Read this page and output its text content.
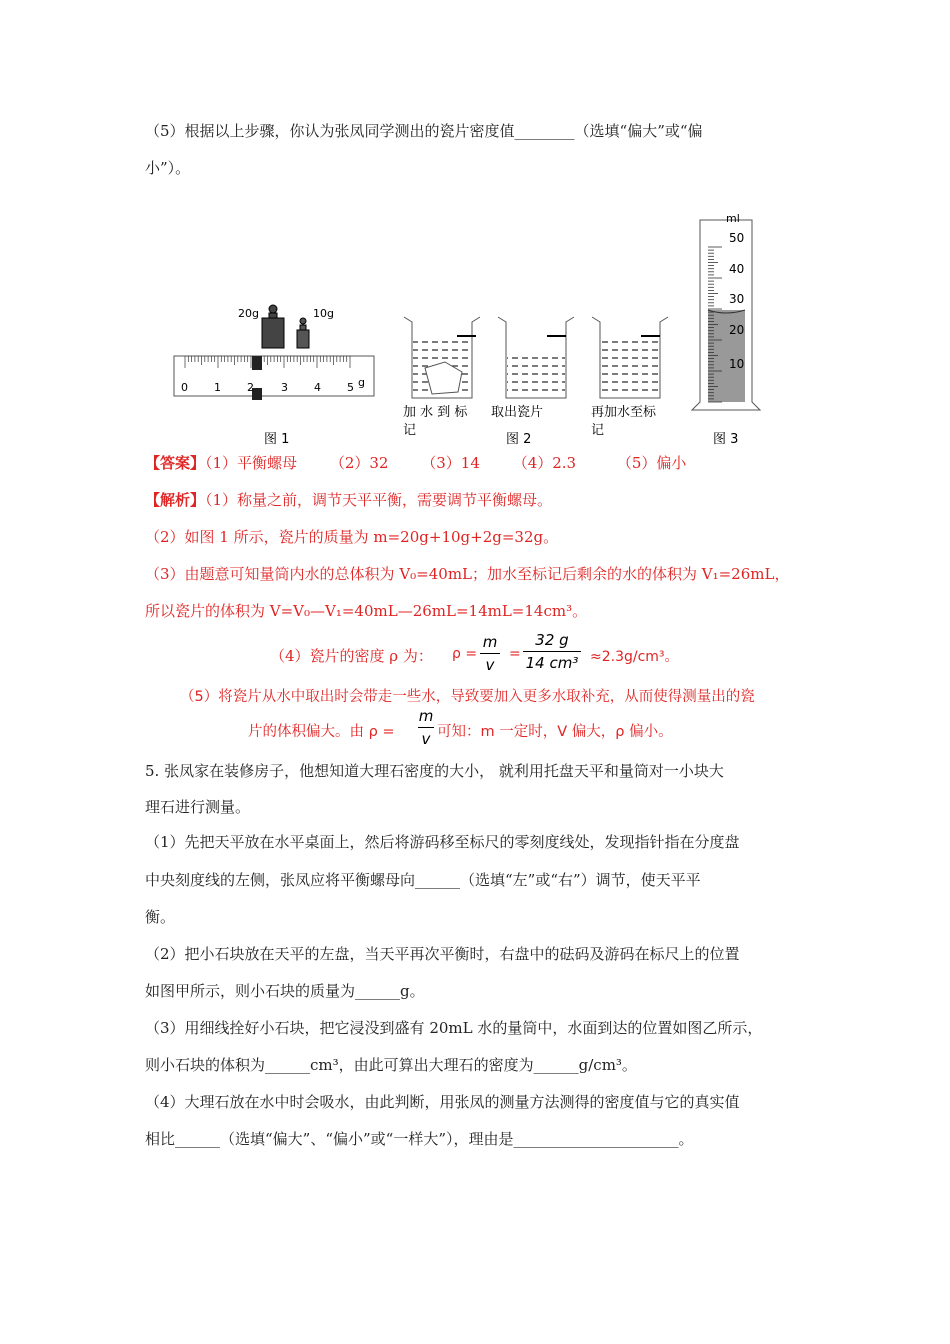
（5）根据以上步骤，你认为张凤同学测出的瓷片密度值________（选填“偏大”或“偏
小”）。
20g	10g
0 1 2 3 4 5 g
图 1
加 水 到 标
记
取出瓷片	再加水至标
记
图 2
ml
50
40
30
20
10
图 3
【答案】（1）平衡螺母 （2）32 （3）14 （4）2.3	（5）偏小
【解析】（1）称量之前，调节天平平衡，需要调节平衡螺母。
（2）如图 1 所示，瓷片的质量为 m=20g+10g+2g=32g。
（3）由题意可知量筒内水的总体积为 V₀=40mL；加水至标记后剩余的水的体积为 V₁=26mL，
所以瓷片的体积为 V=V₀—V₁=40mL—26mL=14mL=14cm³。
（4）瓷片的密度 ρ 为： ρ =
m
v
=
32 g
14 cm³ ≈2.3g/cm³。
（5）将瓷片从水中取出时会带走一些水，导致要加入更多水取补充，从而使得测量出的瓷
片的体积偏大。由 ρ =
m
v 可知：m 一定时，V 偏大，ρ 偏小。
5. 张凤家在装修房子，他想知道大理石密度的大小， 就利用托盘天平和量筒对一小块大
理石进行测量。
（1）先把天平放在水平桌面上，然后将游码移至标尺的零刻度线处，发现指针指在分度盘
中央刻度线的左侧，张凤应将平衡螺母向______（选填“左”或“右”）调节，使天平平
衡。
（2）把小石块放在天平的左盘，当天平再次平衡时，右盘中的砝码及游码在标尺上的位置
如图甲所示，则小石块的质量为______g。
（3）用细线拴好小石块，把它浸没到盛有 20mL 水的量筒中，水面到达的位置如图乙所示，
则小石块的体积为______cm³，由此可算出大理石的密度为______g/cm³。
（4）大理石放在水中时会吸水，由此判断，用张凤的测量方法测得的密度值与它的真实值
相比______（选填“偏大”、“偏小”或“一样大”），理由是______________________。
